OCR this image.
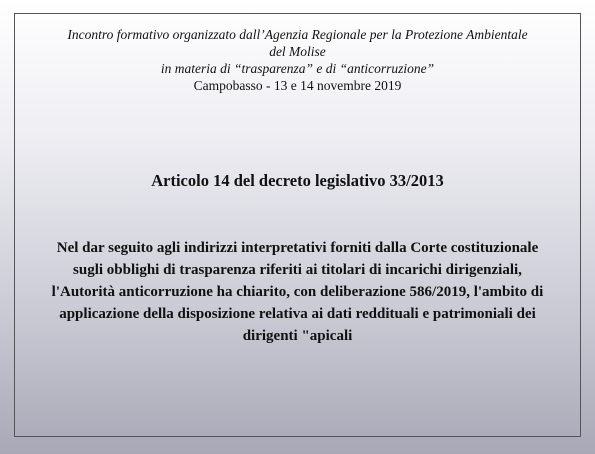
Incontro formativo organizzato dall’Agenzia Regionale per la Protezione Ambientale
del Molise
in materia di “trasparenza” e di “anticorruzione”
Campobasso - 13 e 14 novembre 2019
Articolo 14 del decreto legislativo 33/2013
Nel dar seguito agli indirizzi interpretativi forniti dalla Corte costituzionale
sugli obblighi di trasparenza riferiti ai titolari di incarichi dirigenziali,
l'Autorità anticorruzione ha chiarito, con deliberazione 586/2019, l'ambito di
applicazione della disposizione relativa ai dati reddituali e patrimoniali dei
dirigenti "apicali
